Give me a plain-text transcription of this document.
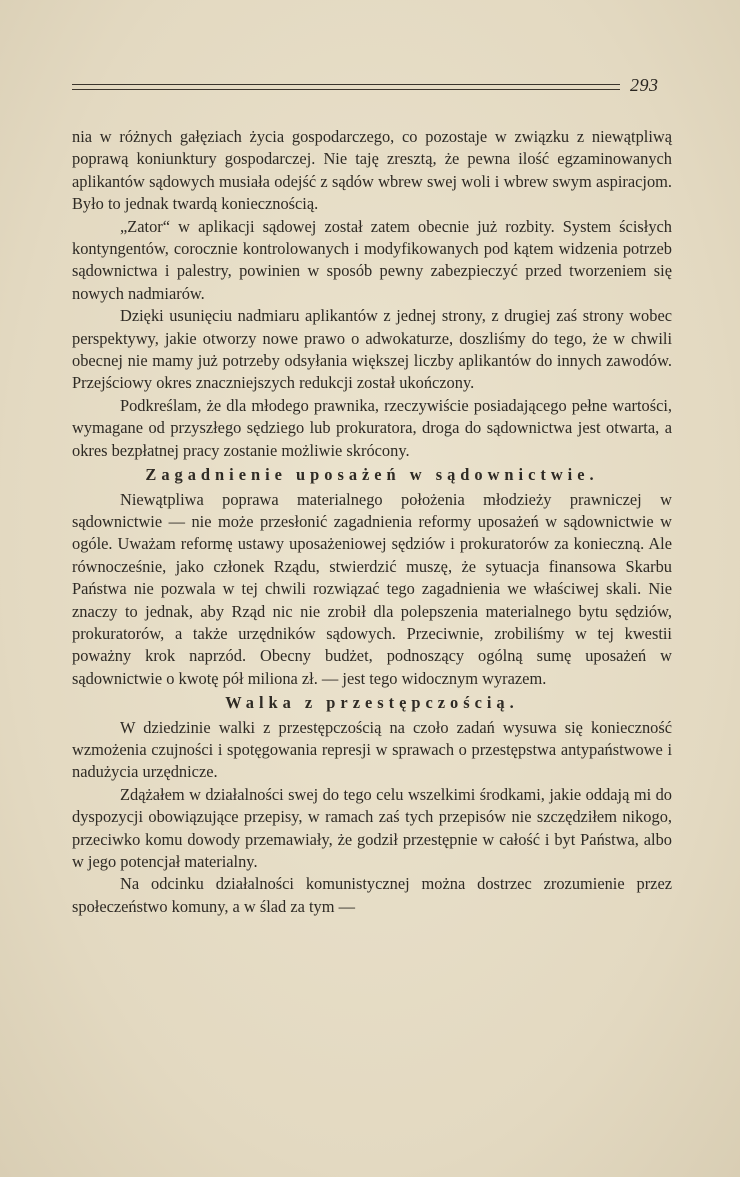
293

nia w różnych gałęziach życia gospodarczego, co pozostaje w związku z niewątpliwą poprawą koniunktury gospodarczej. Nie taję zresztą, że pewna ilość egzaminowanych aplikantów sądowych musiała odejść z sądów wbrew swej woli i wbrew swym aspiracjom. Było to jednak twardą koniecznością.

„Zator“ w aplikacji sądowej został zatem obecnie już rozbity. System ścisłych kontyngentów, corocznie kontrolowanych i modyfikowanych pod kątem widzenia potrzeb sądownictwa i palestry, powinien w sposób pewny zabezpieczyć przed tworzeniem się nowych nadmiarów.

Dzięki usunięciu nadmiaru aplikantów z jednej strony, z drugiej zaś strony wobec perspektywy, jakie otworzy nowe prawo o adwokaturze, doszliśmy do tego, że w chwili obecnej nie mamy już potrzeby odsyłania większej liczby aplikantów do innych zawodów. Przejściowy okres znaczniejszych redukcji został ukończony.

Podkreślam, że dla młodego prawnika, rzeczywiście posiadającego pełne wartości, wymagane od przyszłego sędziego lub prokuratora, droga do sądownictwa jest otwarta, a okres bezpłatnej pracy zostanie możliwie skrócony.

Zagadnienie uposażeń w sądownictwie.

Niewątpliwa poprawa materialnego położenia młodzieży prawniczej w sądownictwie — nie może przesłonić zagadnienia reformy uposażeń w sądownictwie w ogóle. Uważam reformę ustawy uposażeniowej sędziów i prokuratorów za konieczną. Ale równocześnie, jako członek Rządu, stwierdzić muszę, że sytuacja finansowa Skarbu Państwa nie pozwala w tej chwili rozwiązać tego zagadnienia we właściwej skali. Nie znaczy to jednak, aby Rząd nic nie zrobił dla polepszenia materialnego bytu sędziów, prokuratorów, a także urzędników sądowych. Przeciwnie, zrobiliśmy w tej kwestii poważny krok naprzód. Obecny budżet, podnoszący ogólną sumę uposażeń w sądownictwie o kwotę pół miliona zł. — jest tego widocznym wyrazem.

Walka z przestępczością.

W dziedzinie walki z przestępczością na czoło zadań wysuwa się konieczność wzmożenia czujności i spotęgowania represji w sprawach o przestępstwa antypaństwowe i nadużycia urzędnicze.

Zdążałem w działalności swej do tego celu wszelkimi środkami, jakie oddają mi do dyspozycji obowiązujące przepisy, w ramach zaś tych przepisów nie szczędziłem nikogo, przeciwko komu dowody przemawiały, że godził przestępnie w całość i byt Państwa, albo w jego potencjał materialny.

Na odcinku działalności komunistycznej można dostrzec zrozumienie przez społeczeństwo komuny, a w ślad za tym —
